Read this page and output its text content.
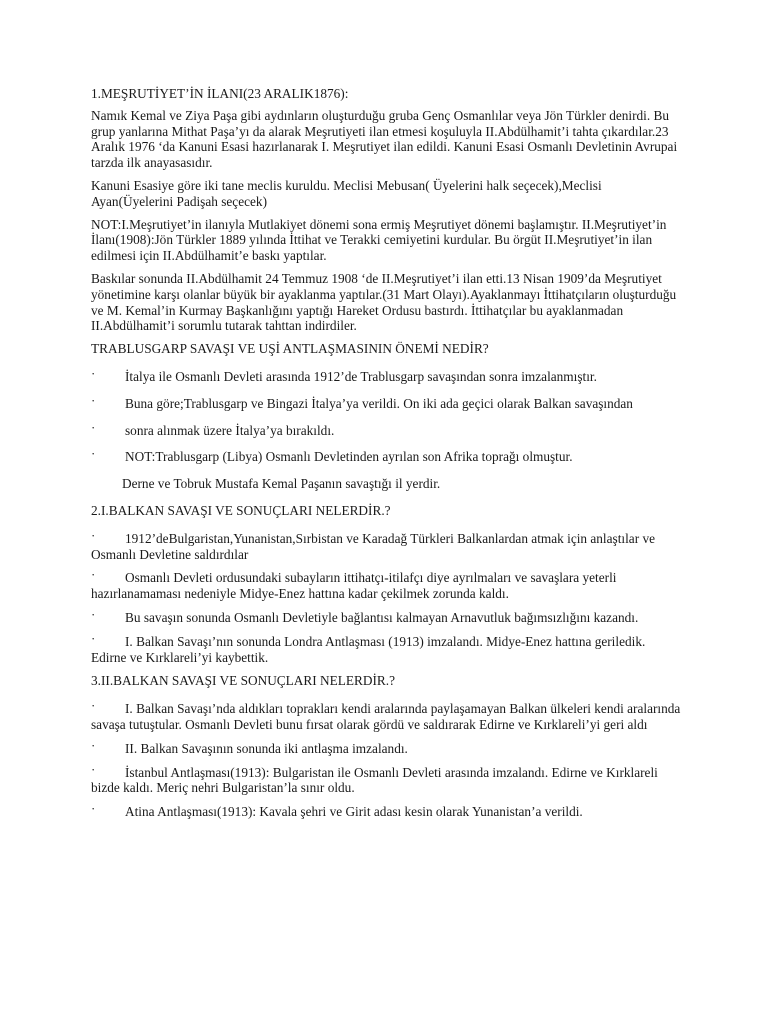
1.MEŞRUTİYET’İN İLANI(23 ARALIK1876):
Namık Kemal ve Ziya Paşa gibi aydınların oluşturduğu gruba Genç Osmanlılar veya Jön Türkler denirdi. Bu grup yanlarına Mithat Paşa’yı da alarak Meşrutiyeti ilan etmesi koşuluyla II.Abdülhamit’i tahta çıkardılar.23 Aralık 1976 ‘da Kanuni Esasi hazırlanarak I. Meşrutiyet ilan edildi. Kanuni Esasi Osmanlı Devletinin Avrupai tarzda ilk anayasasıdır.
Kanuni Esasiye göre iki tane meclis kuruldu. Meclisi Mebusan( Üyelerini halk seçecek),Meclisi Ayan(Üyelerini Padişah seçecek)
NOT:I.Meşrutiyet’in ilanıyla Mutlakiyet dönemi sona ermiş Meşrutiyet dönemi başlamıştır. II.Meşrutiyet’in İlanı(1908):Jön Türkler 1889 yılında İttihat ve Terakki cemiyetini kurdular. Bu örgüt II.Meşrutiyet’in ilan edilmesi için II.Abdülhamit’e baskı yaptılar.
Baskılar sonunda II.Abdülhamit 24 Temmuz 1908 ‘de II.Meşrutiyet’i ilan etti.13 Nisan 1909’da Meşrutiyet yönetimine karşı olanlar büyük bir ayaklanma yaptılar.(31 Mart Olayı).Ayaklanmayı İttihatçıların oluşturduğu ve M. Kemal’in Kurmay Başkanlığını yaptığı Hareket Ordusu bastırdı. İttihatçılar bu ayaklanmadan II.Abdülhamit’i sorumlu tutarak tahttan indirdiler.
TRABLUSGARP SAVAŞI VE UŞİ ANTLAŞMASININ ÖNEMİ NEDİR?
· İtalya ile Osmanlı Devleti arasında 1912’de Trablusgarp savaşından sonra imzalanmıştır.
· Buna göre;Trablusgarp ve Bingazi İtalya’ya verildi. On iki ada geçici olarak Balkan savaşından
· sonra alınmak üzere İtalya’ya bırakıldı.
· NOT:Trablusgarp (Libya) Osmanlı Devletinden ayrılan son Afrika toprağı olmuştur.
Derne ve Tobruk Mustafa Kemal Paşanın savaştığı il yerdir.
2.I.BALKAN SAVAŞI VE SONUÇLARI NELERDİR.?
· 1912’deBulgaristan,Yunanistan,Sırbistan ve Karadağ Türkleri Balkanlardan atmak için anlaştılar ve Osmanlı Devletine saldırdılar
· Osmanlı Devleti ordusundaki subayların ittihatçı-itilafçı diye ayrılmaları ve savaşlara yeterli hazırlanamaması nedeniyle Midye-Enez hattına kadar çekilmek zorunda kaldı.
· Bu savaşın sonunda Osmanlı Devletiyle bağlantısı kalmayan Arnavutluk bağımsızlığını kazandı.
· I. Balkan Savaşı’nın sonunda Londra Antlaşması (1913) imzalandı. Midye-Enez hattına geriledik. Edirne ve Kırklareli’yi kaybettik.
3.II.BALKAN SAVAŞI VE SONUÇLARI NELERDİR.?
· I. Balkan Savaşı’nda aldıkları toprakları kendi aralarında paylaşamayan Balkan ülkeleri kendi aralarında savaşa tutuştular. Osmanlı Devleti bunu fırsat olarak gördü ve saldırarak Edirne ve Kırklareli’yi geri aldı
· II. Balkan Savaşının sonunda iki antlaşma imzalandı.
· İstanbul Antlaşması(1913): Bulgaristan ile Osmanlı Devleti arasında imzalandı. Edirne ve Kırklareli bizde kaldı. Meriç nehri Bulgaristan’la sınır oldu.
· Atina Antlaşması(1913): Kavala şehri ve Girit adası kesin olarak Yunanistan’a verildi.
